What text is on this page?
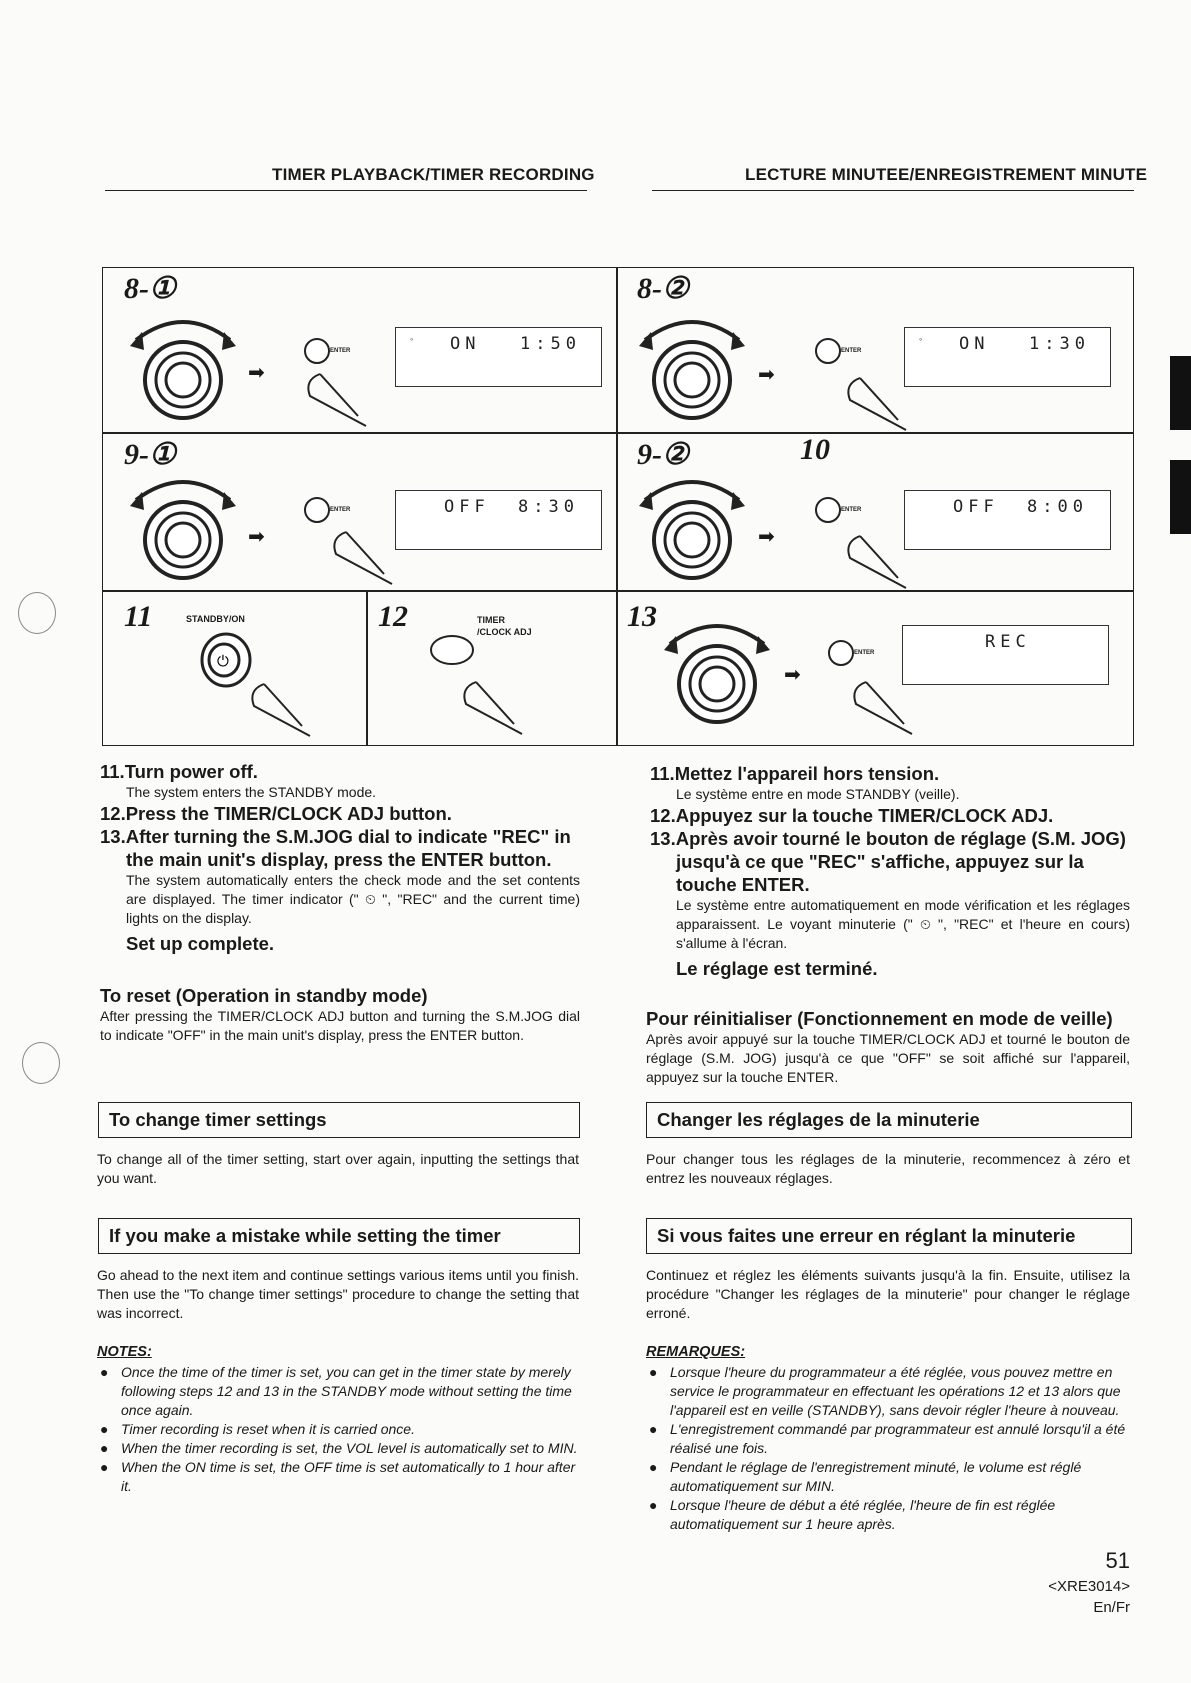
TIMER PLAYBACK/TIMER RECORDING	LECTURE MINUTEE/ENREGISTREMENT MINUTE
8-①
➡
ENTER
◦ ON 1:50
8-②
➡
ENTER
◦ ON 1:30
9-①
➡
ENTER	OFF 8:30
9-②	10
➡
ENTER	OFF 8:00
11	STANDBY/ON
⏻
12	TIMER
/CLOCK ADJ	13
➡
ENTER
REC

11.Turn power off.

The system enters the STANDBY mode.

12.Press the TIMER/CLOCK ADJ button.

13.After turning the S.M.JOG dial to indicate "REC" in the main unit's display, press the ENTER button.

The system automatically enters the check mode and the set contents are displayed. The timer indicator (" ⏲ ", "REC" and the current time) lights on the display.

Set up complete.

To reset (Operation in standby mode)

After pressing the TIMER/CLOCK ADJ button and turning the S.M.JOG dial to indicate "OFF" in the main unit's display, press the ENTER button.

To change timer settings

To change all of the timer setting, start over again, inputting the settings that you want.

If you make a mistake while setting the timer

Go ahead to the next item and continue settings various items until you finish. Then use the "To change timer settings" procedure to change the setting that was incorrect.

NOTES:

● Once the time of the timer is set, you can get in the timer state by merely following steps 12 and 13 in the STANDBY mode without setting the time once again.
● Timer recording is reset when it is carried once.
● When the timer recording is set, the VOL level is automatically set to MIN.
● When the ON time is set, the OFF time is set automatically to 1 hour after it.

11.Mettez l'appareil hors tension.

Le système entre en mode STANDBY (veille).

12.Appuyez sur la touche TIMER/CLOCK ADJ.

13.Après avoir tourné le bouton de réglage (S.M. JOG) jusqu'à ce que "REC" s'affiche, appuyez sur la touche ENTER.

Le système entre automatiquement en mode vérification et les réglages apparaissent. Le voyant minuterie (" ⏲ ", "REC" et l'heure en cours) s'allume à l'écran.

Le réglage est terminé.

Pour réinitialiser (Fonctionnement en mode de veille)

Après avoir appuyé sur la touche TIMER/CLOCK ADJ et tourné le bouton de réglage (S.M. JOG) jusqu'à ce que "OFF" se soit affiché sur l'appareil, appuyez sur la touche ENTER.

Changer les réglages de la minuterie

Pour changer tous les réglages de la minuterie, recommencez à zéro et entrez les nouveaux réglages.

Si vous faites une erreur en réglant la minuterie

Continuez et réglez les éléments suivants jusqu'à la fin. Ensuite, utilisez la procédure "Changer les réglages de la minuterie" pour changer le réglage erroné.

REMARQUES:

● Lorsque l'heure du programmateur a été réglée, vous pouvez mettre en service le programmateur en effectuant les opérations 12 et 13 alors que l'appareil est en veille (STANDBY), sans devoir régler l'heure à nouveau.
● L'enregistrement commandé par programmateur est annulé lorsqu'il a été réalisé une fois.
● Pendant le réglage de l'enregistrement minuté, le volume est réglé automatiquement sur MIN.
● Lorsque l'heure de début a été réglée, l'heure de fin est réglée automatiquement sur 1 heure après.
51
<XRE3014>
En/Fr
